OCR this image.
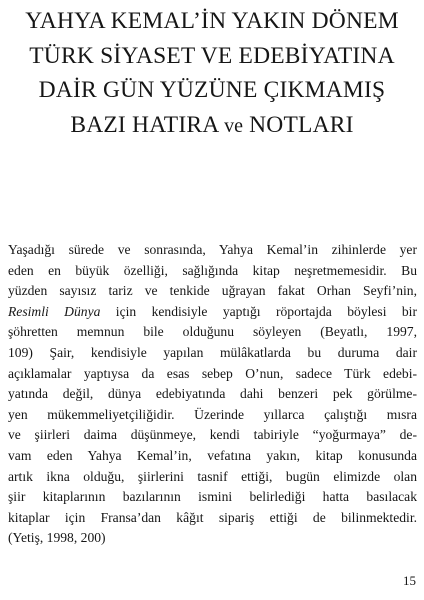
YAHYA KEMAL’İN YAKIN DÖNEM
TÜRK SİYASET VE EDEBİYATINA
DAİR GÜN YÜZÜNE ÇIKMAMIŞ
BAZI HATIRA ve NOTLARI
Yaşadığı sürede ve sonrasında, Yahya Kemal’in zihinlerde yer
eden en büyük özelliği, sağlığında kitap neşretmemesidir. Bu
yüzden sayısız tariz ve tenkide uğrayan fakat Orhan Seyfi’nin,
Resimli Dünya için kendisiyle yaptığı röportajda böylesi bir
şöhretten memnun bile olduğunu söyleyen (Beyatlı, 1997,
109) Şair, kendisiyle yapılan mülâkatlarda bu duruma dair
açıklamalar yaptıysa da esas sebep O’nun, sadece Türk edebi-
yatında değil, dünya edebiyatında dahi benzeri pek görülme-
yen mükemmeliyetçiliğidir. Üzerinde yıllarca çalıştığı mısra
ve şiirleri daima düşünmeye, kendi tabiriyle “yoğurmaya” de-
vam eden Yahya Kemal’in, vefatına yakın, kitap konusunda
artık ikna olduğu, şiirlerini tasnif ettiği, bugün elimizde olan
şiir kitaplarının bazılarının ismini belirlediği hatta basılacak
kitaplar için Fransa’dan kâğıt sipariş ettiği de bilinmektedir.
(Yetiş, 1998, 200)
15
